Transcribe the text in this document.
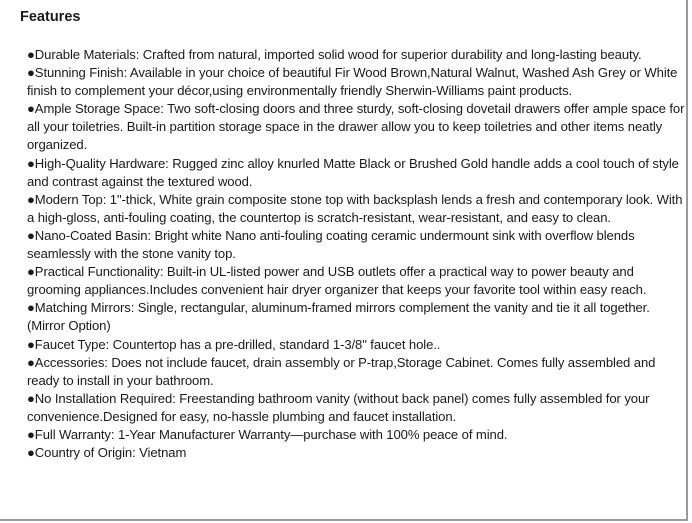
Features
●Durable Materials: Crafted from natural, imported solid wood for superior durability and long-lasting beauty.
●Stunning Finish: Available in your choice of beautiful Fir Wood Brown,Natural Walnut, Washed Ash Grey or White finish to complement your décor,using environmentally friendly Sherwin-Williams paint products.
●Ample Storage Space: Two soft-closing doors and three sturdy, soft-closing dovetail drawers offer ample space for all your toiletries. Built-in partition storage space in the drawer allow you to keep toiletries and other items neatly organized.
●High-Quality Hardware: Rugged zinc alloy knurled Matte Black or Brushed Gold handle adds a cool touch of style and contrast against the textured wood.
●Modern Top: 1"-thick, White grain composite stone top with backsplash lends a fresh and contemporary look. With a high-gloss, anti-fouling coating, the countertop is scratch-resistant, wear-resistant, and easy to clean.
●Nano-Coated Basin: Bright white Nano anti-fouling coating ceramic undermount sink with overflow blends seamlessly with the stone vanity top.
●Practical Functionality: Built-in UL-listed power and USB outlets offer a practical way to power beauty and grooming appliances.Includes convenient hair dryer organizer that keeps your favorite tool within easy reach.
●Matching Mirrors: Single, rectangular, aluminum-framed mirrors complement the vanity and tie it all together. (Mirror Option)
●Faucet Type: Countertop has a pre-drilled, standard 1-3/8" faucet hole..
●Accessories: Does not include faucet, drain assembly or P-trap,Storage Cabinet. Comes fully assembled and ready to install in your bathroom.
●No Installation Required: Freestanding bathroom vanity (without back panel) comes fully assembled for your convenience.Designed for easy, no-hassle plumbing and faucet installation.
●Full Warranty: 1-Year Manufacturer Warranty—purchase with 100% peace of mind.
●Country of Origin: Vietnam
